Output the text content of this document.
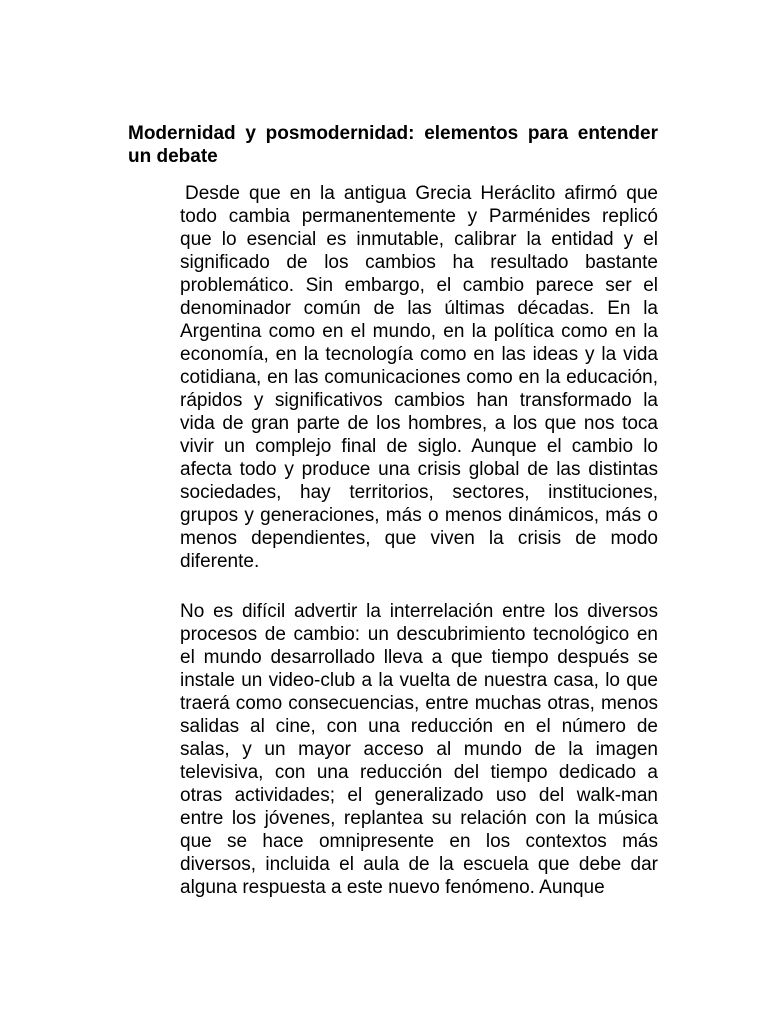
Modernidad y posmodernidad: elementos para entender un debate

Desde que en la antigua Grecia Heráclito afirmó que todo cambia permanentemente y Parménides replicó que lo esencial es inmutable, calibrar la entidad y el significado de los cambios ha resultado bastante problemático. Sin embargo, el cambio parece ser el denominador común de las últimas décadas. En la Argentina como en el mundo, en la política como en la economía, en la tecnología como en las ideas y la vida cotidiana, en las comunicaciones como en la educación, rápidos y significativos cambios han transformado la vida de gran parte de los hombres, a los que nos toca vivir un complejo final de siglo. Aunque el cambio lo afecta todo y produce una crisis global de las distintas sociedades, hay territorios, sectores, instituciones, grupos y generaciones, más o menos dinámicos, más o menos dependientes, que viven la crisis de modo diferente.

No es difícil advertir la interrelación entre los diversos procesos de cambio: un descubrimiento tecnológico en el mundo desarrollado lleva a que tiempo después se instale un video-club a la vuelta de nuestra casa, lo que traerá como consecuencias, entre muchas otras, menos salidas al cine, con una reducción en el número de salas, y un mayor acceso al mundo de la imagen televisiva, con una reducción del tiempo dedicado a otras actividades; el generalizado uso del walk-man entre los jóvenes, replantea su relación con la música que se hace omnipresente en los contextos más diversos, incluida el aula de la escuela que debe dar alguna respuesta a este nuevo fenómeno. Aunque
